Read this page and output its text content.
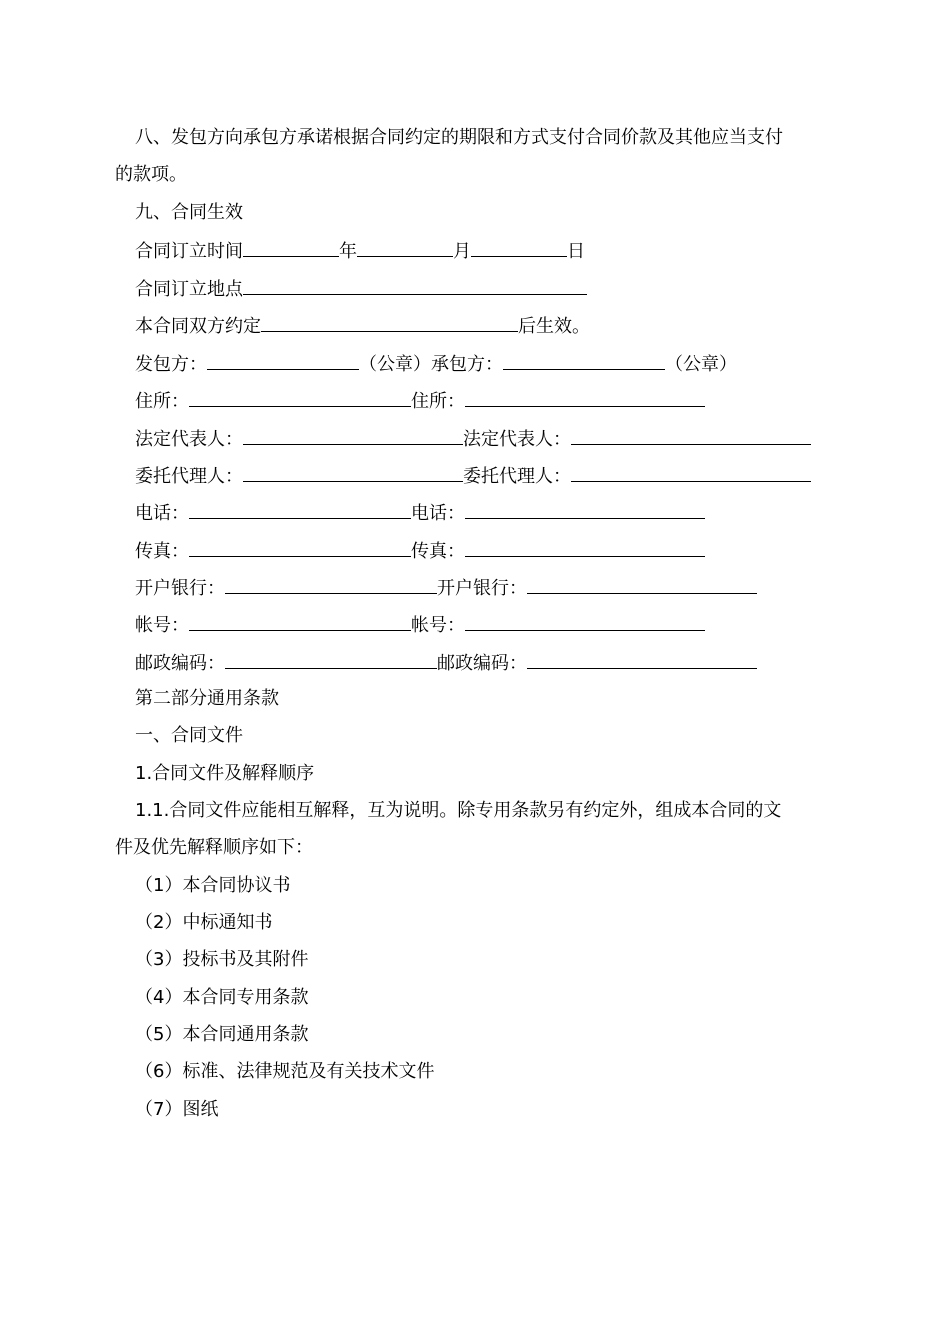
八、发包方向承包方承诺根据合同约定的期限和方式支付合同价款及其他应当支付
的款项。
九、合同生效
合同订立时间	年	月	日
合同订立地点
本合同双方约定	后生效。
发包方：	（公章）承包方：	（公章）
住所：	住所：
法定代表人：	法定代表人：
委托代理人：	委托代理人：
电话：	电话：
传真：	传真：
开户银行：	开户银行：
帐号：	帐号：
邮政编码：	邮政编码：
第二部分通用条款
一、合同文件
1.合同文件及解释顺序
1.1.合同文件应能相互解释，互为说明。除专用条款另有约定外，组成本合同的文
件及优先解释顺序如下：
（1）本合同协议书
（2）中标通知书
（3）投标书及其附件
（4）本合同专用条款
（5）本合同通用条款
（6）标准、法律规范及有关技术文件
（7）图纸
